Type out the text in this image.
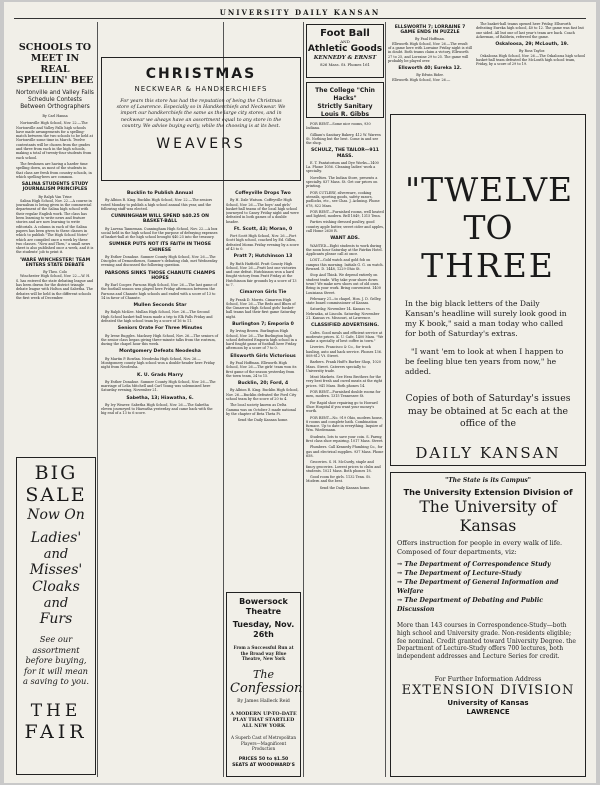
UNIVERSITY DAILY KANSAN
SCHOOLS TO MEET IN REAL SPELLIN' BEE
Nortonville and Valley Falls Schedule Contests Between Orthographers
By Carl Hanna

Nortonville High School, Nov. 22.—The Nortonville and Valley Falls high schools have made arrangements for a spelling-match between the two schools to be held at Nortonville some time in March. Twelve contestants will be chosen from the grades and three from each in the high schools, making a total of twenty-four students from each school.

The freshmen are having a harder time spelling down, as most of the students in that class are fresh from country schools, in which spelling-bees are common.

SALINA STUDENTS STUDY JOURNALISM PRINCIPLES
By Ralph Van Trine

Salina High School, Nov. 22.—A course in journalism is being given in the commercial department of the Salina high school with their regular English work. The class has been learning to write news and feature stories and are now learning to write editorials. A column in each of the Salina papers has been given to these classes in which to publish "The High School Notes" which are compiled once a week by these two classes. "Now and Then," a small news sheet is also published once a week, and it is the students' job to print it.

'WARE WINCHESTER! TEAM ENTERS STATE DEBATE
By Theo. Colo

Winchester High School, Nov. 22.—W. H. S. has entered the state debating league and has been drawn for the district triangle debate league with Holton and Sabetha. The debates will be held in the different schools the first week of December.

BIG
SALE
Now On
Ladies'
and
Misses'
Cloaks
and
Furs
See our assortment before buying, for it will mean a saving to you.
THE
FAIR
CHRISTMAS
NECKWEAR & HANDKERCHIEFS
For years this store has had the reputation of being the Christmas store of Lawrence. Especially so in Handkerchiefs and Neckwear. We import our handkerchiefs the same as the large city stores, and in neckwear we always have an assortment equal to any store in the country. We advise buying early, while the choosing is at its best.
WEAVERS
Bucklin to Publish Annual

By Albion R. King. Bucklin High School, Nov. 22.—The seniors voted Monday to publish a high school annual this year, and the following staff was elected.

CUNNINGHAM WILL SPEND $40.25 ON BASKET-BALL

By Lavena Tanneman. Cunningham High School, Nov. 22.—A box social held in the high school for the purpose of defraying expenses of basket-ball at the high school brought $40.25 into the treasury.

SUMNER PUTS NOT ITS FAITH IN THOSE CHINESE

By Esther Donahue. Sumner County High School, Nov. 26.—The Disciples of Demosthenes, Sumner's debating club, met Wednesday evening and discussed the following question.

PARSONS SINKS THOSE CHANUTE CHAMPS HOPES

By Earl Cooper. Parsons High School, Nov. 26.—The last game of the football season was played here Friday afternoon between the Parsons and Chanute high schools and ended with a score of 13 to 14 in favor of Chanute.

Mullen Seconds Star

By Ralph McKee. Mullan High School, Nov. 26.—The Second High School basket-ball team made a trip to Elk Falls Friday and defeated the high school team by a score of 16 to 11.

Seniors Orate For Three Minutes

By Irene Ruggles. Macksey High School, Nov. 26.—The seniors of the senior class began giving three-minute talks from the rostrum, during the chapel hour this week.

Montgomery Defeats Neodesha

By Martin P. Bowlan. Neodesha High School, Nov. 26.—Montgomery county high school won a double-header here Friday night from Neodesha.

K. U. Grads Marry

By Esther Donahue. Sumner County High School, Nov. 26.—The marriage of Lelia Mitchell and Carl Young was solemnized here Saturday evening, November 21.

Sabetha, 13; Hiawatha, 6.

By Ivy Weaver. Sabetha High School, Nov. 26.—The Sabetha eleven journeyed to Hiawatha yesterday and came back with the big end of a 13 to 6 score.

Coffeyville Drops Two

By H. Dale Watson. Coffeyville High School, Nov. 26.—The boys' and girls' basket-ball teams of the local high school journeyed to Caney Friday night and were defeated in both games of a double header.

Ft. Scott, 43; Moran, 0

Fort Scott High School, Nov. 26.—Fort Scott high school, coached by Ed. Gillen, defeated Moran Friday evening by a score of 43 to 0.

Pratt 7; Hutchinson 13

By Ruth Hatfield. Pratt County High School, Nov. 26.—Pratt lost one victories and one defeat. Hutchinson won a hard fought victory from Pratt Friday at the Hutchinson fair grounds by a score of 13 to 7.

Cimarron Girls Tie

By Frank D. Morris. Cimarron High School, Nov. 26.—The Reds and Blues of the Cimarron High School girls' basket-ball teams had their first game Saturday night.

Burlington 7; Emporia 0

By Irving Brown. Burlington High School, Nov. 26.—The Burlington high school defeated Emporia high school in a hard fought game of football here Friday afternoon by a score of 7 to 0.

Ellsworth Girls Victorious

By Paul Hoffman. Ellsworth High School, Nov. 26.—The girls' team won its first game of the season yesterday from the town team, 24 to 15.

Bucklin, 20; Ford, 4

By Albion R. King. Bucklin High School, Nov. 26.—Bucklin defeated the Ford City school team by the score of 20 to 4.

The local society known as Delta Gamma was on October 3 made national by the chapter of Beta Theta Pi.

Send the Daily Kansan home.
Bowersock Theatre
Tuesday, Nov. 26th
From a Successful Run at the Broad way Blue Theatre, New York
The
Confession
By James Halleck Reid
A MODERN UP-TO-DATE PLAY THAT STARTLED ALL NEW YORK
A Superb Cast of Metropolitan Players—Magnificent Production
PRICES 50 to $1.50
SEATS AT WOODWARD'S
Foot Ball
AND
Athletic Goods
KENNEDY & ERNST
826 Mass. St. Phones 161
The College "Chin Hacks"
Strictly Sanitary
Louis R. Gibbs

FOR RENT—Some nice rooms, 930 Indiana.

Gilliam's Sanitary Bakery, 412 W. Warren St. Nothing but the best. Come in and see the shop.

SCHULZ, THE TAILOR—911 MASS.

E. T. Pantatorium and Dye Works—1400 La. Phone 1056. Cleaning ladies' work a specialty.

Novelties. The Indian Store, presents a specialty. 837 Mass. St. Get our prices on printing.

FOR CUTLERY, silverware, cooking utensils, sporting goods, safety razors, padlocks, etc., see Chas. J. Achning. Phone 678, 822 Mass.

FOR RENT—Furnished rooms, well heated and lighted, modern. Bell 1849, 1315 Tenn.

Parties wishing dressed poultry, good country apple butter, sweet cider and apples, call Home 2630 R.

WANT ADS.

WANTED—Eight students to work during the noon hour Saturday at the Fairfax Hotel. Applicants please call at once.

LOST—Gold watch and gold fob on campus this morning. Initials G. G. on watch. Reward. D. 1448, 1229 Ohio St.

Stop And Think. We depend entirely on student trade. Why take your shoes down town? We make new shoes out of old ones. Bring in your work. Bring convenient. 1400 Louisiana Street.

February 21—to chapel, Hon. J. D. Gelley, state board commissioner of Kansas.

Saturday, November 14. Kansas vs. Nebraska, at Lincoln. Saturday, November 21. Kansas vs. Missouri, at Lawrence.

CLASSIFIED ADVERTISING.

Cafes. Good meals and efficient service at moderate prices. K. U. Cafe, 1400 Mass. "We make a specialty of best coffee in town."

Liveries. Francisco & Co., for truck hauling, auto and hack service. Phones 136. 808-812 Vt. Street.

Barbers. Frank Huff's Barber Shop, 1020 Mass. Street. Caterers specially to University trade.

Meat Markets. See Hess Brothers for the very best fresh and cured meats at the right prices. 941 Mass. Both phones 14.

FOR RENT—Furnished double rooms for men, modern. 1315 Tennessee St.

For Rapid shoe repairing go to Howard Shoe Hospital if you want your money's worth.

FOR RENT—No. 919 Ohio, modern house, 8 rooms and complete bath. Combination furnace. Up to date in everything. Inquire of Wm. Wiedemann.

Students, lots to save your coin. S. Parmy, first class shoe repairing. 1017 Mass. Street.

Plumbers. Call Kennedy Plumbing Co., for gas and electrical supplies. 937 Mass. Phone 658.

Groceries. S. H. McCurdy, staple and fancy groceries. Lowest prices to clubs and students. 1021 Mass. Both phones 18.

Good room for girls. 1132 Tenn. St. Modern and the best.

Send the Daily Kansan home.
ELLSWORTH 7; LORRAINE 7 GAME ENDS IN PUZZLE
By Paul Hoffman.

Ellsworth High School, Nov. 26.—The result of a game here with Lorraine Friday night is still in doubt. Both teams claim a victory, Ellsworth 27 to 25, and Lorraine 29 to 25. The game will probably be played over.

Ellsworth 40; Eureka 12.
By Edwin Rider.

Ellsworth High School, Nov. 26.—

The basket-ball teams opened here Friday, Ellsworth defeating Eureka high school, 40 to 12. The game was fast but one sided. All but one of last year's team are back. Coach Ackerman, of Baldwin, refereed the game.

Oskaloosa, 29; McLouth, 19.
By Ross Taylor.

Oskaloosa High School, Nov. 26.—The Oskaloosa high school basket-ball team defeated the McLouth high school team, Friday, by a score of 29 to 19.

"TWELVE
TO
THREE
In the big black letters of the Daily Kansan's headline will surely look good in my K book," said a man today who called for both of Saturday's extras.
"I want 'em to look at when I happen to be feeling blue ten years from now," he added.
Copies of both of Saturday's issues may be obtained at 5c each at the office of the
DAILY KANSAN
"The State is its Campus"
The University Extension Division of
The University of Kansas
Offers instruction for people in every walk of life. Composed of four departments, viz:
→ The Department of Correspondence Study
→ The Department of Lecture-Study
→ The Department of General Information and Welfare
→ The Department of Debating and Public Discussion
More than 143 courses in Correspondence-Study—both high school and University grade. Non-residents eligible; fee nominal. Credit granted toward University Degree. the Department of Lecture-Study offers 700 lectures, both independent addresses and Lecture Series for credit.
For Further Information Address
EXTENSION DIVISION
University of Kansas
LAWRENCE
